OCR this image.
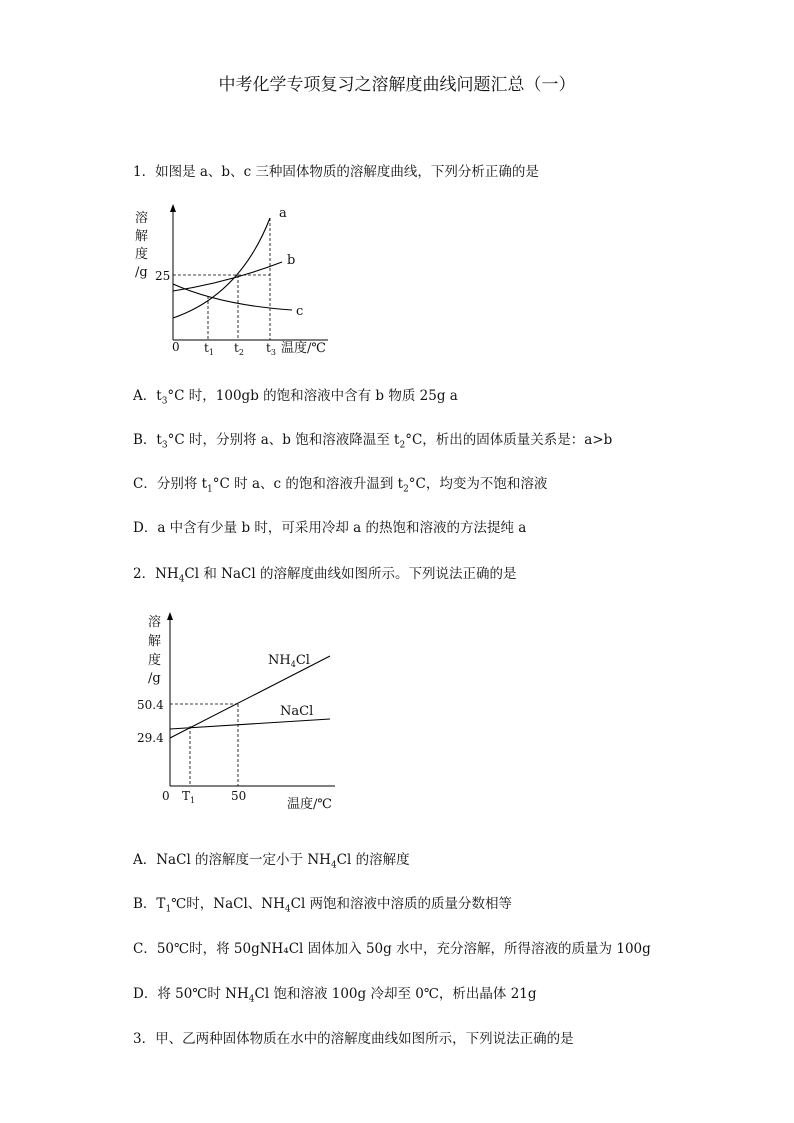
中考化学专项复习之溶解度曲线问题汇总（一）
1．如图是 a、b、c 三种固体物质的溶解度曲线，下列分析正确的是
溶
解
度
/g 25
0 $t_1$ $t_2$ $t_3$ 温度/℃
a
b
c
A．$t_3^\circ C$ 时，100gb 的饱和溶液中含有 b 物质 25g a
B．$t_3^\circ C$ 时，分别将 a、b 饱和溶液降温至 $t_2^\circ C$，析出的固体质量关系是：a>b
C．分别将 $t_1^\circ C$ 时 a、c 的饱和溶液升温到 $t_2^\circ C$，均变为不饱和溶液
D．a 中含有少量 b 时，可采用冷却 a 的热饱和溶液的方法提纯 a
2．$NH_4Cl$ 和 NaCl 的溶解度曲线如图所示。下列说法正确的是
溶
解
度
/g
50.4
29.4
0 $T_1$	50
温度/℃
$NH_4Cl$
NaCl
A．NaCl 的溶解度一定小于 $NH_4Cl$ 的溶解度
B．$T_1℃$时，NaCl、$NH_4Cl$ 两饱和溶液中溶质的质量分数相等
C．50℃时，将 50gNH₄Cl 固体加入 50g 水中，充分溶解，所得溶液的质量为 100g
D．将 50℃时 $NH_4Cl$ 饱和溶液 100g 冷却至 0℃，析出晶体 21g
3．甲、乙两种固体物质在水中的溶解度曲线如图所示，下列说法正确的是
